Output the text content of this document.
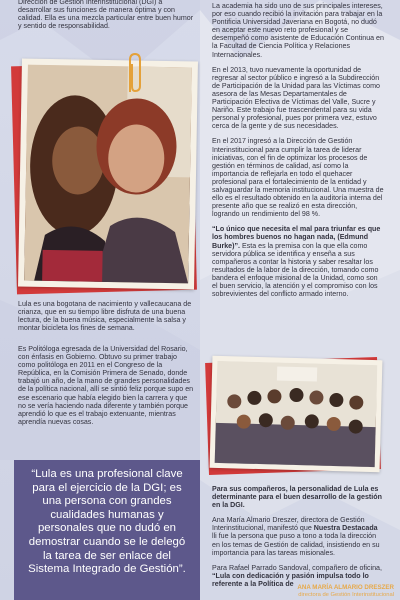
Dirección de Gestión Interinstitucional (DGI) a desarrollar sus funciones de manera óptima y con calidad. Ella es una mezcla particular entre buen humor y sentido de responsabilidad.

Lula es una bogotana de nacimiento y vallecaucana de crianza, que en su tiempo libre disfruta de una buena lectura, de la buena música, especialmente la salsa y montar bicicleta los fines de semana.

Es Politóloga egresada de la Universidad del Rosario, con énfasis en Gobierno. Obtuvo su primer trabajo como politóloga en 2011 en el Congreso de la República, en la Comisión Primera de Senado, donde trabajó un año, de la mano de grandes personalidades de la política nacional, allí se sintió feliz porque supo en ese escenario que había elegido bien la carrera y que no se vería haciendo nada diferente y también porque aprendió lo que es el trabajo extenuante, mientras aprendía nuevas cosas.

“Lula es una profesional clave para el ejercicio de la DGI; es una persona con grandes cualidades humanas y personales que no dudó en demostrar cuando se le delegó la tarea de ser enlace del Sistema Integrado de Gestión”.

ANA MARÍA ALMARIO DRESZER
directora de Gestión Interinstitucional

La academia ha sido uno de sus principales intereses, por eso cuando recibió la invitación para trabajar en la Pontificia Universidad Javeriana en Bogotá, no dudó en aceptar este nuevo reto profesional y se desempeñó como asistente de Educación Continua en la Facultad de Ciencia Política y Relaciones Internacionales.

En el 2013, tuvo nuevamente la oportunidad de regresar al sector público e ingresó a la Subdirección de Participación de la Unidad para las Víctimas como asesora de las Mesas Departamentales de Participación Efectiva de Víctimas del Valle, Sucre y Nariño. Este trabajo fue trascendental para su vida personal y profesional, pues por primera vez, estuvo cerca de la gente y de sus necesidades.

En el 2017 ingresó a la Dirección de Gestión Interinstitucional para cumplir la tarea de liderar iniciativas, con el fin de optimizar los procesos de gestión en términos de calidad, así como la importancia de reflejarla en todo el quehacer profesional para el fortalecimiento de la entidad y salvaguardar la memoria institucional. Una muestra de ello es el resultado obtenido en la auditoría interna del presente año que se realizó en esta dirección, logrando un rendimiento del 98 %.

“Lo único que necesita el mal para triunfar es que los hombres buenos no hagan nada, (Edmund Burke)”. Esta es la premisa con la que ella como servidora pública se identifica y enseña a sus compañeros a contar la historia y saber resaltar los resultados de la labor de la dirección, tomando como bandera el enfoque misional de la Unidad, como son el buen servicio, la atención y el compromiso con los sobrevivientes del conflicto armado interno.

Para sus compañeros, la personalidad de Lula es determinante para el buen desarrollo de la gestión en la DGI.

Ana María Almario Dreszer, directora de Gestión Interinstitucional, manifestó que Nuestra Destacada lli fue la persona que puso a tono a toda la dirección en los temas de Gestión de calidad, insistiendo en su importancia para las tareas misionales.

Para Rafael Parrado Sandoval, compañero de oficina, “Lula con dedicación y pasión impulsa todo lo referente a la Política de
